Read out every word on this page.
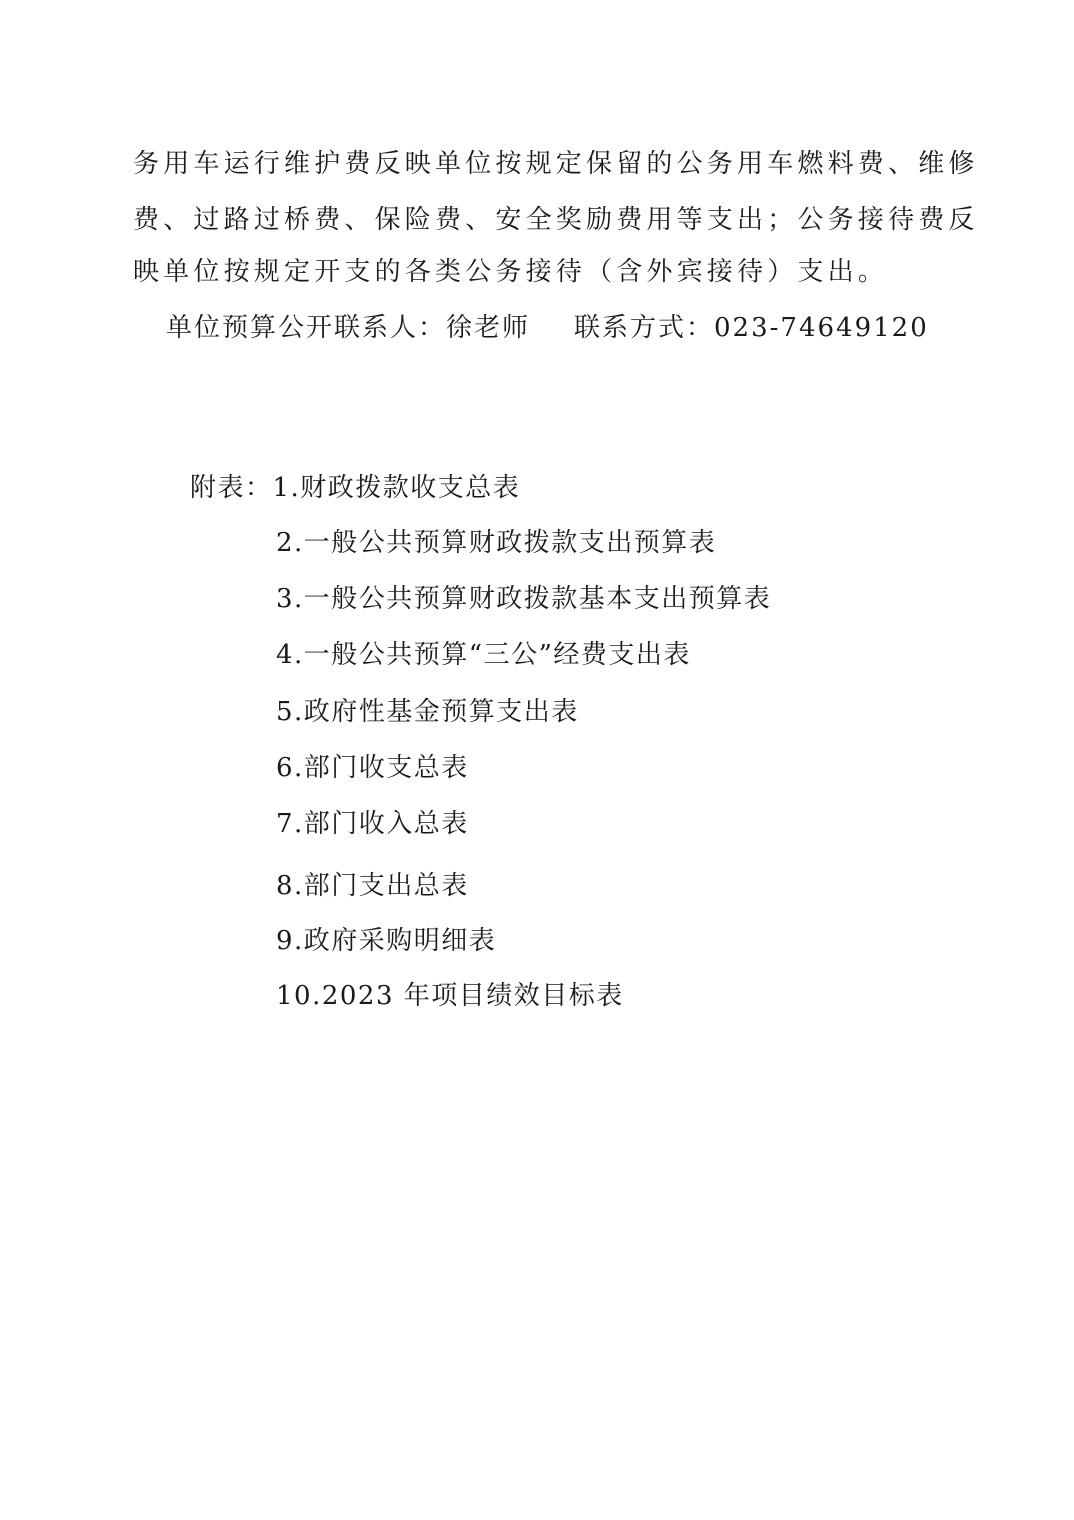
务用车运行维护费反映单位按规定保留的公务用车燃料费、维修
费、过路过桥费、保险费、安全奖励费用等支出；公务接待费反
映单位按规定开支的各类公务接待（含外宾接待）支出。
单位预算公开联系人：徐老师 联系方式：023-74649120
附表：1.财政拨款收支总表
2.一般公共预算财政拨款支出预算表
3.一般公共预算财政拨款基本支出预算表
4.一般公共预算“三公”经费支出表
5.政府性基金预算支出表
6.部门收支总表
7.部门收入总表
8.部门支出总表
9.政府采购明细表
10.2023 年项目绩效目标表
